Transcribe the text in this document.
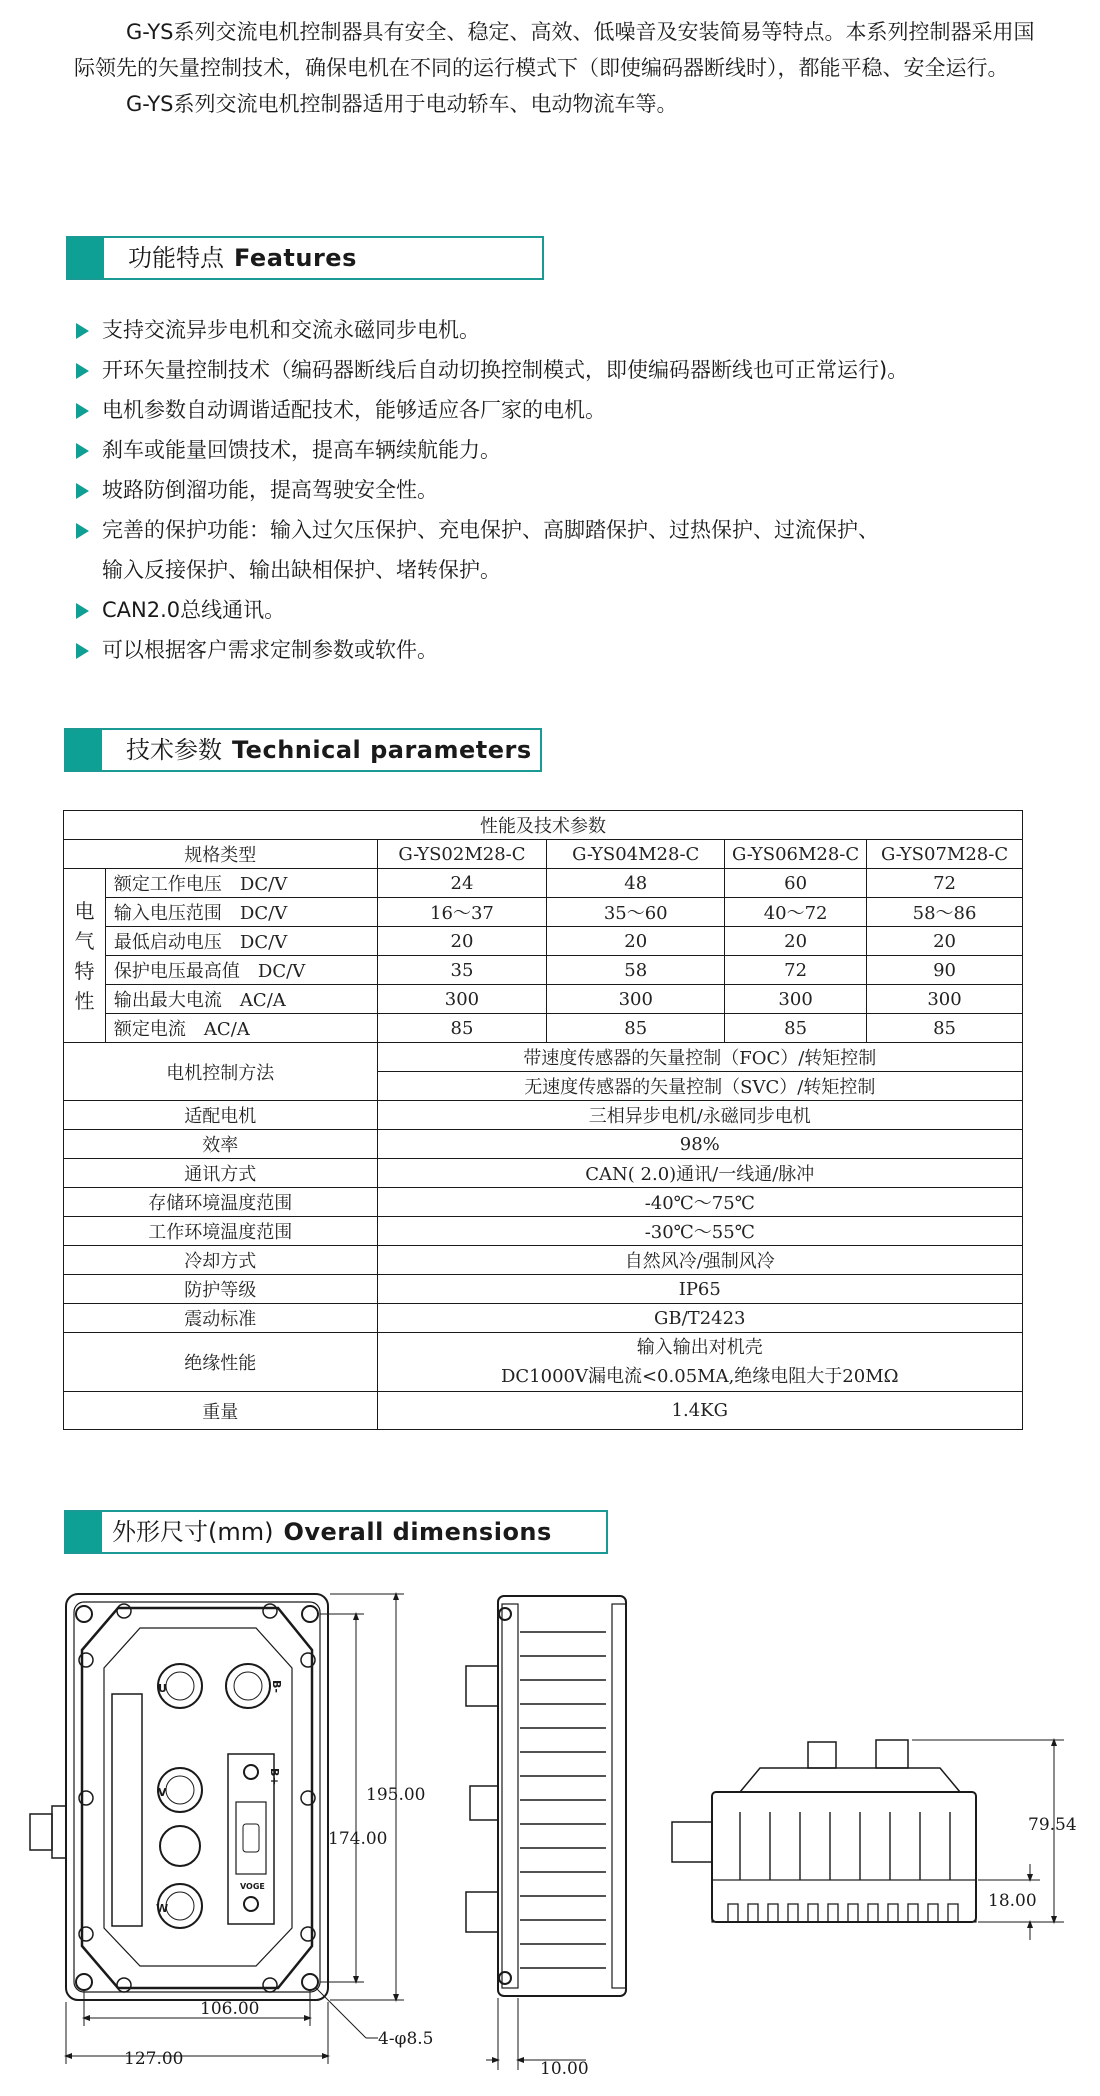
G-YS系列交流电机控制器具有安全、稳定、高效、低噪音及安装简易等特点。本系列控制器采用国际领先的矢量控制技术，确保电机在不同的运行模式下（即使编码器断线时），都能平稳、安全运行。

G-YS系列交流电机控制器适用于电动轿车、电动物流车等。

功能特点 Features
支持交流异步电机和交流永磁同步电机。
开环矢量控制技术（编码器断线后自动切换控制模式，即使编码器断线也可正常运行)。
电机参数自动调谐适配技术，能够适应各厂家的电机。
刹车或能量回馈技术，提高车辆续航能力。
坡路防倒溜功能，提高驾驶安全性。
完善的保护功能：输入过欠压保护、充电保护、高脚踏保护、过热保护、过流保护、
输入反接保护、输出缺相保护、堵转保护。
CAN2.0总线通讯。
可以根据客户需求定制参数或软件。
技术参数 Technical parameters
性能及技术参数					
规格类型		G-YS02M28-C	G-YS04M28-C	G-YS06M28-C	G-YS07M28-C

电
气
特
性	额定工作电压　DC/V	24	48	60	72
	输入电压范围　DC/V	16～37	35～60	40～72	58～86
	最低启动电压　DC/V	20	20	20	20
	保护电压最高值　DC/V	35	58	72	90
	输出最大电流　AC/A	300	300	300	300
	额定电流　AC/A	85	85	85	85
电机控制方法		带速度传感器的矢量控制（FOC）/转矩控制			
		无速度传感器的矢量控制（SVC）/转矩控制			
适配电机		三相异步电机/永磁同步电机			
效率		98%			
通讯方式		CAN( 2.0)通讯/一线通/脉冲			
存储环境温度范围		-40℃～75℃			
工作环境温度范围		-30℃～55℃			
冷却方式		自然风冷/强制风冷			
防护等级		IP65			
震动标准		GB/T2423			
绝缘性能		输入输出对机壳
DC1000V漏电流<0.05MA,绝缘电阻大于20MΩ			

重量		1.4KG			
外形尺寸(mm) Overall dimensions
U	B-
V
B+
W
VOGE
195.00
174.00
106.00
127.00
4-φ8.5
10.00
79.54
18.00
